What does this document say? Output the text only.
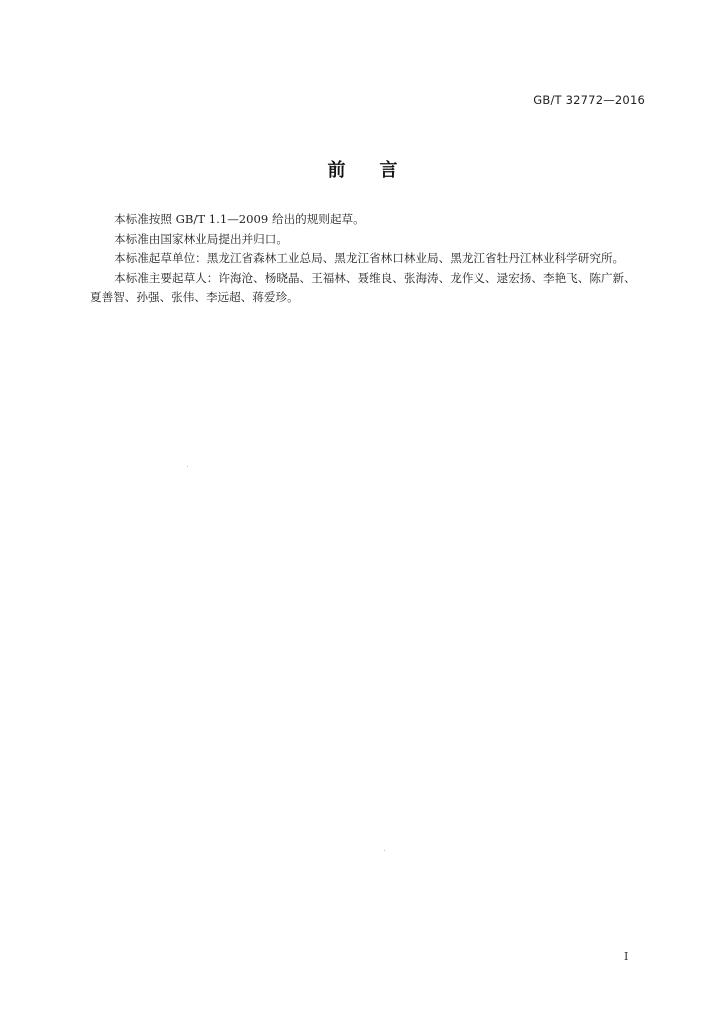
GB/T 32772—2016
前 言

本标准按照 GB/T 1.1—2009 给出的规则起草。

本标准由国家林业局提出并归口。

本标准起草单位：黑龙江省森林工业总局、黑龙江省林口林业局、黑龙江省牡丹江林业科学研究所。

本标准主要起草人：许海沧、杨晓晶、王福林、聂维良、张海涛、龙作义、逯宏扬、李艳飞、陈广新、
夏善智、孙强、张伟、李远超、蒋爱珍。

I
